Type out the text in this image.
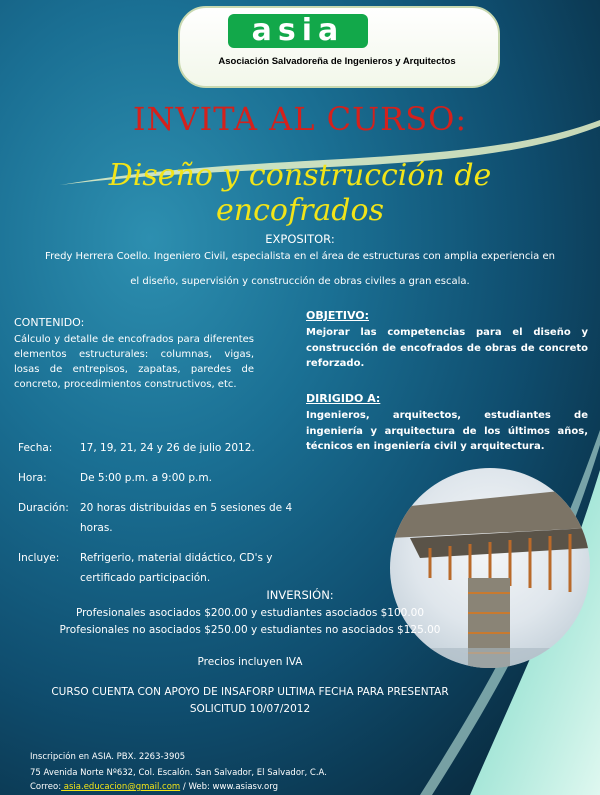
asia
Asociación Salvadoreña de Ingenieros y Arquitectos
INVITA AL CURSO:
Diseño y construcción de encofrados
EXPOSITOR:
Fredy Herrera Coello. Ingeniero Civil, especialista en el área de estructuras con amplia experiencia en
el diseño, supervisión y construcción de obras civiles a gran escala.
CONTENIDO:
Cálculo y detalle de encofrados para diferentes elementos estructurales: columnas, vigas, losas de entrepisos, zapatas, paredes de concreto, procedimientos constructivos, etc.
OBJETIVO:
Mejorar las competencias para el diseño y construcción de encofrados de obras de concreto reforzado.
DIRIGIDO A:
Ingenieros, arquitectos, estudiantes de ingeniería y arquitectura de los últimos años, técnicos en ingeniería civil y arquitectura.
Fecha:	17, 19, 21, 24 y 26 de julio 2012.
Hora:	De 5:00 p.m. a 9:00 p.m.
Duración:	20 horas distribuidas en 5 sesiones de 4 horas.
Incluye:	Refrigerio, material didáctico, CD's y certificado participación.
INVERSIÓN:
Profesionales asociados $200.00 y estudiantes asociados $100.00
Profesionales no asociados $250.00 y estudiantes no asociados $125.00
Precios incluyen IVA
CURSO CUENTA CON APOYO DE INSAFORP ULTIMA FECHA PARA PRESENTAR
SOLICITUD 10/07/2012
Inscripción en ASIA. PBX. 2263-3905
75 Avenida Norte Nº632, Col. Escalón. San Salvador, El Salvador, C.A.
Correo: asia.educacion@gmail.com / Web: www.asiasv.org
